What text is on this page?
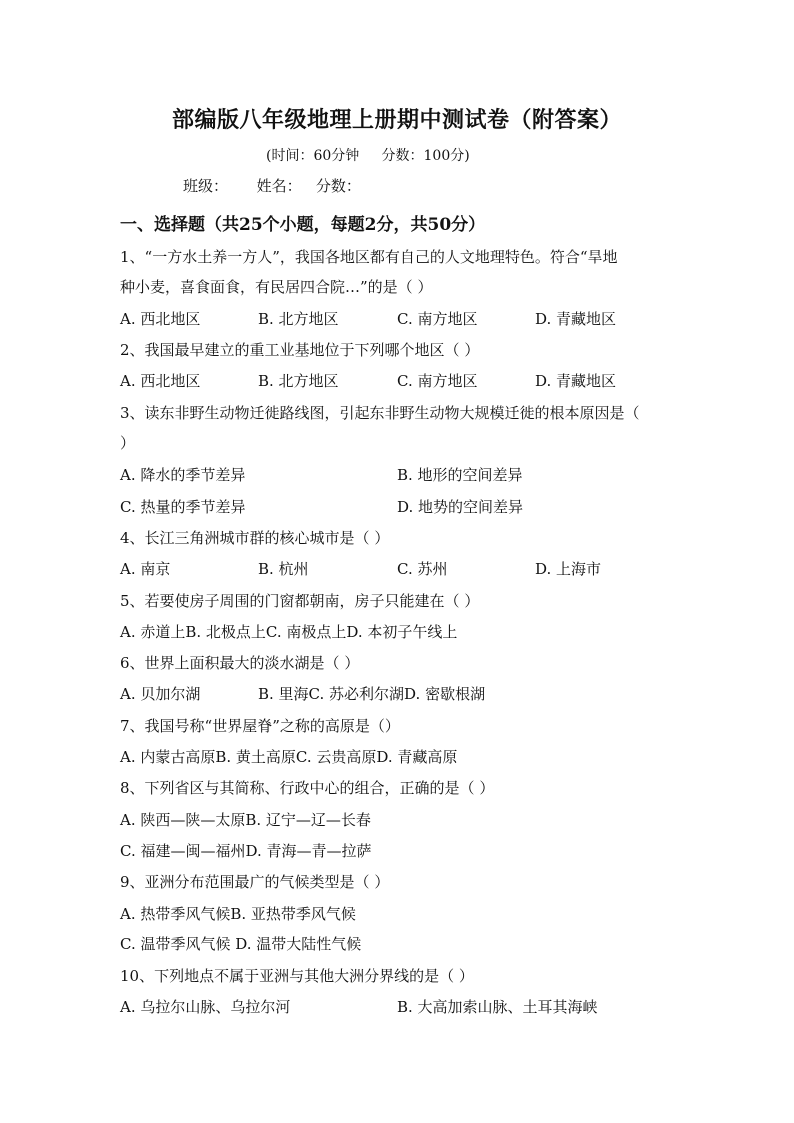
部编版八年级地理上册期中测试卷（附答案）
(时间：60分钟     分数：100分)
班级：      姓名：   分数：
一、选择题（共25个小题，每题2分，共50分）
1、“一方水土养一方人”，我国各地区都有自己的人文地理特色。符合“旱地
种小麦，喜食面食，有民居四合院…”的是（ ）
A. 西北地区	B. 北方地区	C. 南方地区	D. 青藏地区
2、我国最早建立的重工业基地位于下列哪个地区（ ）
A. 西北地区	B. 北方地区	C. 南方地区	D. 青藏地区
3、读东非野生动物迁徙路线图，引起东非野生动物大规模迁徙的根本原因是（
）
A. 降水的季节差异	B. 地形的空间差异
C. 热量的季节差异	D. 地势的空间差异
4、长江三角洲城市群的核心城市是（ ）
A. 南京	B. 杭州	C. 苏州	D. 上海市
5、若要使房子周围的门窗都朝南，房子只能建在（ ）
A. 赤道上B. 北极点上C. 南极点上D. 本初子午线上
6、世界上面积最大的淡水湖是（ ）
A. 贝加尔湖	B. 里海C. 苏必利尔湖D. 密歇根湖
7、我国号称“世界屋脊”之称的高原是（）
A. 内蒙古高原B. 黄土高原C. 云贵高原D. 青藏高原
8、下列省区与其简称、行政中心的组合，正确的是（ ）
A. 陕西—陕—太原B. 辽宁—辽—长春
C. 福建—闽—福州D. 青海—青—拉萨
9、亚洲分布范围最广的气候类型是（ ）
A. 热带季风气候B. 亚热带季风气候
C. 温带季风气候 D. 温带大陆性气候
10、下列地点不属于亚洲与其他大洲分界线的是（ ）
A. 乌拉尔山脉、乌拉尔河	B. 大高加索山脉、土耳其海峡
